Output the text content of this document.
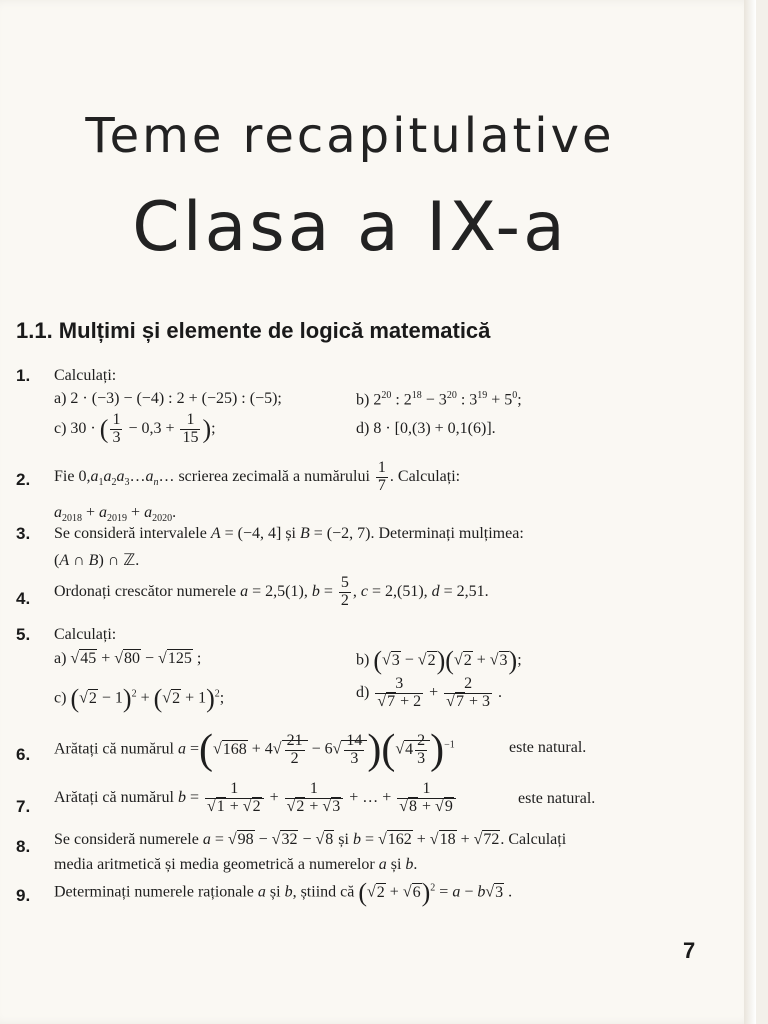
Teme recapitulative
Clasa a IX-a
1.1. Mulțimi și elemente de logică matematică
1. Calculați:
a) 2 · (−3) − (−4) : 2 + (−25) : (−5);	b) $2^{20}$ : $2^{18} - 3^{20}$ : $3^{19} + 5^0$;
c) 30 · ( $\frac{1}{3} - 0,3 + \frac{1}{15}$ );	d) 8 · [0,(3) + 0,1(6)].
2. Fie $0,a_1a_2a_3\dots a_n\dots$ scrierea zecimală a numărului $\frac{1}{7}$ . Calculați:
$a_{2018} + a_{2019} + a_{2020}$.
3. Se consideră intervalele A = (−4, 4] și B = (−2, 7). Determinați mulțimea:
(A ∩ B) ∩ ℤ.
4. Ordonați crescător numerele a = 2,5(1), $b = \frac{5}{2}$ , c = 2,(51), d = 2,51.
5. Calculați:
a) √45 + √80 − √125 ;	b) (√3 − √2)(√2 + √3);
c) $(√2 - 1)^2 + (√2 + 1)^2$;	$d) \frac{3}{√7 + 2} + \frac{2}{√7 + 3}$ .
6. Arătați că numărul $a =(√168 + 4√ \frac{21}{2} - 6√ \frac{14}{3} )(√4 \frac{2}{3} )^{-1}$	este natural.
7. Arătați că numărul $b = \frac{1}{√1 + √2} + \frac{1}{√2 + √3}$ + … + $\frac{1}{√8 + √9}$	este natural.
8. Se consideră numerele a = √98 − √32 − √8 și b = √162 + √18 + √72. Calculați
media aritmetică și media geometrică a numerelor a și b.
9. Determinați numerele raționale a și b, știind că $(√2 + √6)^2 = a - b√3$ .
7
